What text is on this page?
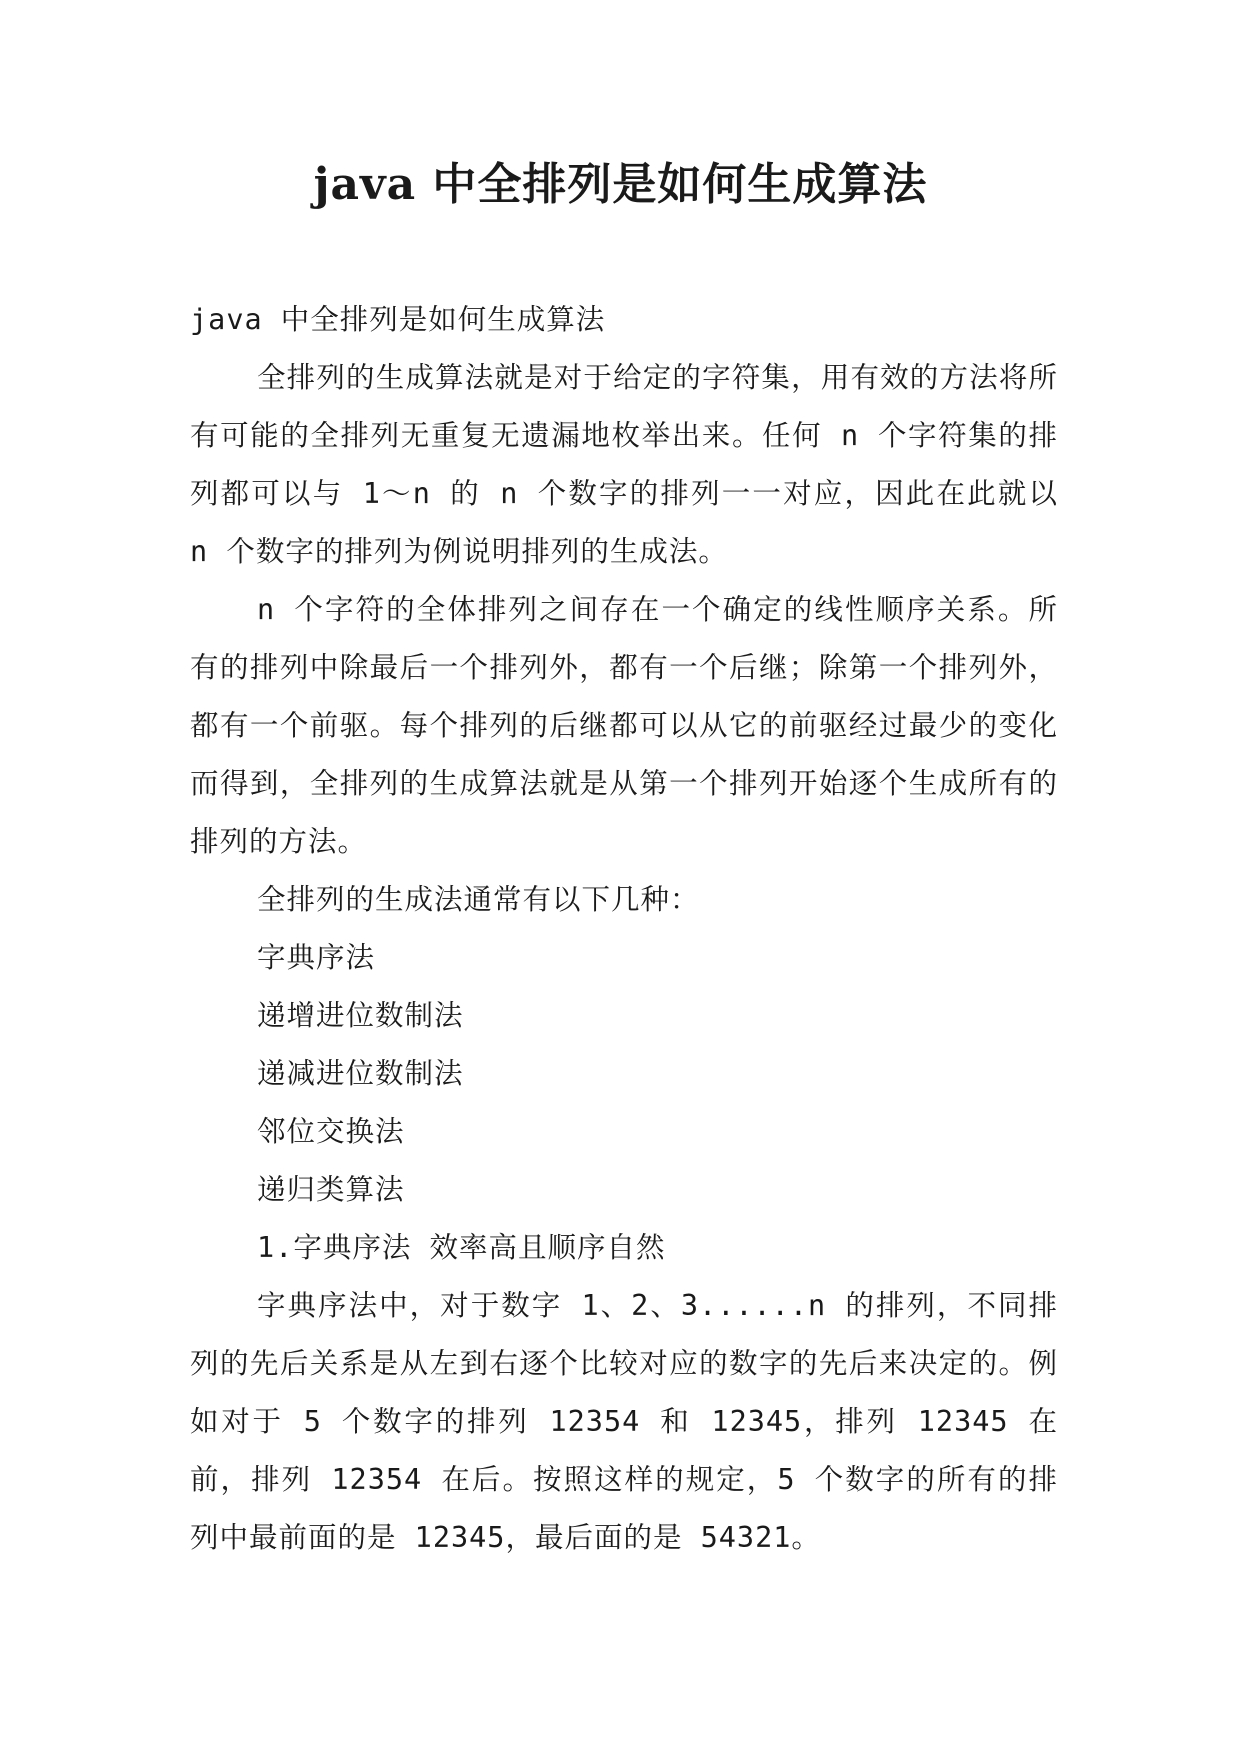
java 中全排列是如何生成算法

java 中全排列是如何生成算法

全排列的生成算法就是对于给定的字符集，用有效的方法将所有可能的全排列无重复无遗漏地枚举出来。任何 n 个字符集的排列都可以与 1～n 的 n 个数字的排列一一对应，因此在此就以 n 个数字的排列为例说明排列的生成法。

n 个字符的全体排列之间存在一个确定的线性顺序关系。所有的排列中除最后一个排列外，都有一个后继；除第一个排列外，都有一个前驱。每个排列的后继都可以从它的前驱经过最少的变化而得到，全排列的生成算法就是从第一个排列开始逐个生成所有的排列的方法。

全排列的生成法通常有以下几种：

字典序法

递增进位数制法

递减进位数制法

邻位交换法

递归类算法

1.字典序法 效率高且顺序自然

字典序法中，对于数字 1、2、3......n 的排列，不同排列的先后关系是从左到右逐个比较对应的数字的先后来决定的。例如对于 5 个数字的排列 12354 和 12345，排列 12345 在前，排列 12354 在后。按照这样的规定，5 个数字的所有的排列中最前面的是 12345，最后面的是 54321。
